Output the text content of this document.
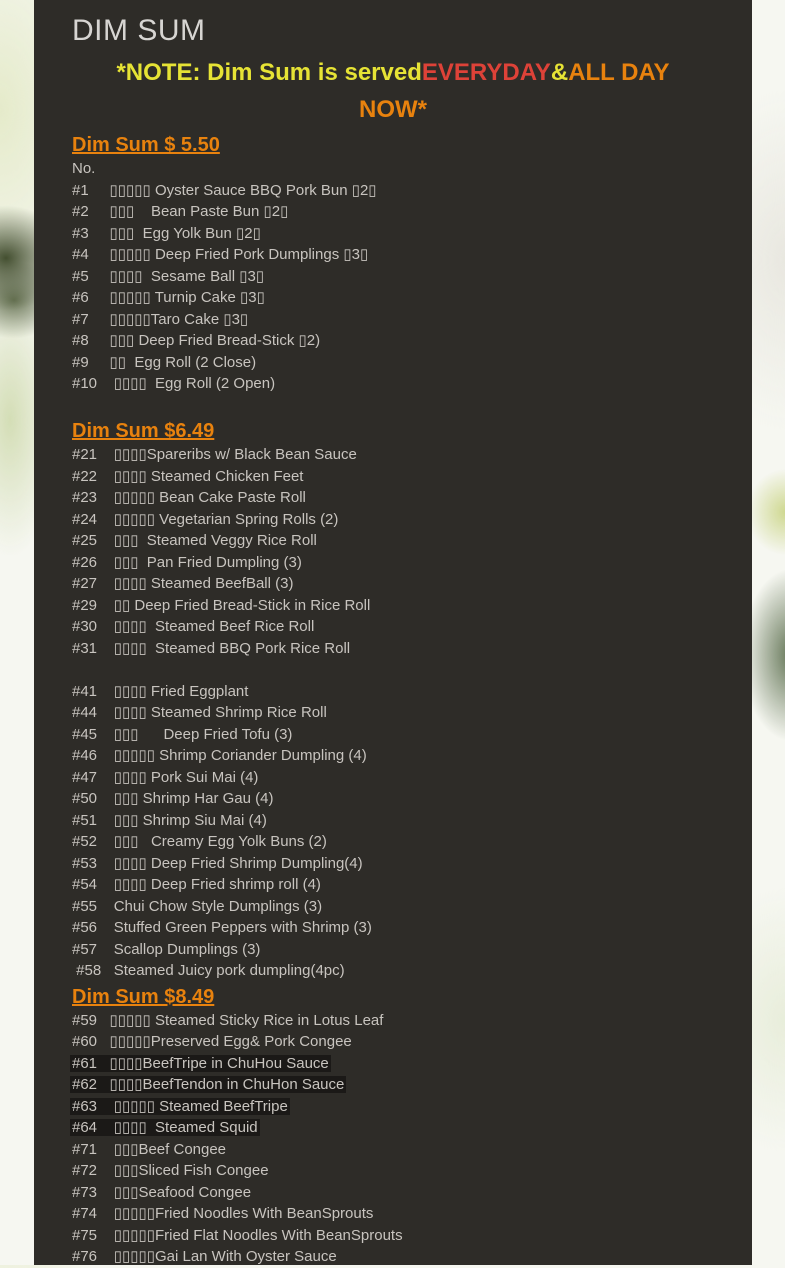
DIM SUM

*NOTE: Dim Sum is servedEVERYDAY&ALL DAY
NOW*

Dim Sum $ 5.50
No.
#1     ▯▯▯▯▯ Oyster Sauce BBQ Pork Bun ▯2▯
#2     ▯▯▯    Bean Paste Bun ▯2▯
#3     ▯▯▯  Egg Yolk Bun ▯2▯
#4     ▯▯▯▯▯ Deep Fried Pork Dumplings ▯3▯
#5     ▯▯▯▯  Sesame Ball ▯3▯
#6     ▯▯▯▯▯ Turnip Cake ▯3▯
#7     ▯▯▯▯▯Taro Cake ▯3▯
#8     ▯▯▯ Deep Fried Bread-Stick ▯2)
#9     ▯▯  Egg Roll (2 Close)
#10    ▯▯▯▯  Egg Roll (2 Open)
Dim Sum $6.49
#21    ▯▯▯▯Spareribs w/ Black Bean Sauce
#22    ▯▯▯▯ Steamed Chicken Feet
#23    ▯▯▯▯▯ Bean Cake Paste Roll
#24    ▯▯▯▯▯ Vegetarian Spring Rolls (2)
#25    ▯▯▯  Steamed Veggy Rice Roll
#26    ▯▯▯  Pan Fried Dumpling (3)
#27    ▯▯▯▯ Steamed BeefBall (3)
#29    ▯▯ Deep Fried Bread-Stick in Rice Roll
#30    ▯▯▯▯  Steamed Beef Rice Roll
#31    ▯▯▯▯  Steamed BBQ Pork Rice Roll
#41    ▯▯▯▯ Fried Eggplant
#44    ▯▯▯▯ Steamed Shrimp Rice Roll
#45    ▯▯▯      Deep Fried Tofu (3)
#46    ▯▯▯▯▯ Shrimp Coriander Dumpling (4)
#47    ▯▯▯▯ Pork Sui Mai (4)
#50    ▯▯▯ Shrimp Har Gau (4)
#51    ▯▯▯ Shrimp Siu Mai (4)
#52    ▯▯▯   Creamy Egg Yolk Buns (2)
#53    ▯▯▯▯ Deep Fried Shrimp Dumpling(4)
#54    ▯▯▯▯ Deep Fried shrimp roll (4)
#55    Chui Chow Style Dumplings (3)
#56    Stuffed Green Peppers with Shrimp (3)
#57    Scallop Dumplings (3)
#58   Steamed Juicy pork dumpling(4pc)
Dim Sum $8.49
#59   ▯▯▯▯▯ Steamed Sticky Rice in Lotus Leaf
#60   ▯▯▯▯▯Preserved Egg& Pork Congee
#61   ▯▯▯▯BeefTripe in ChuHou Sauce
#62   ▯▯▯▯BeefTendon in ChuHon Sauce
#63    ▯▯▯▯▯ Steamed BeefTripe
#64    ▯▯▯▯  Steamed Squid
#71    ▯▯▯Beef Congee
#72    ▯▯▯Sliced Fish Congee
#73    ▯▯▯Seafood Congee
#74    ▯▯▯▯▯Fried Noodles With BeanSprouts
#75    ▯▯▯▯▯Fried Flat Noodles With BeanSprouts
#76    ▯▯▯▯▯Gai Lan With Oyster Sauce
